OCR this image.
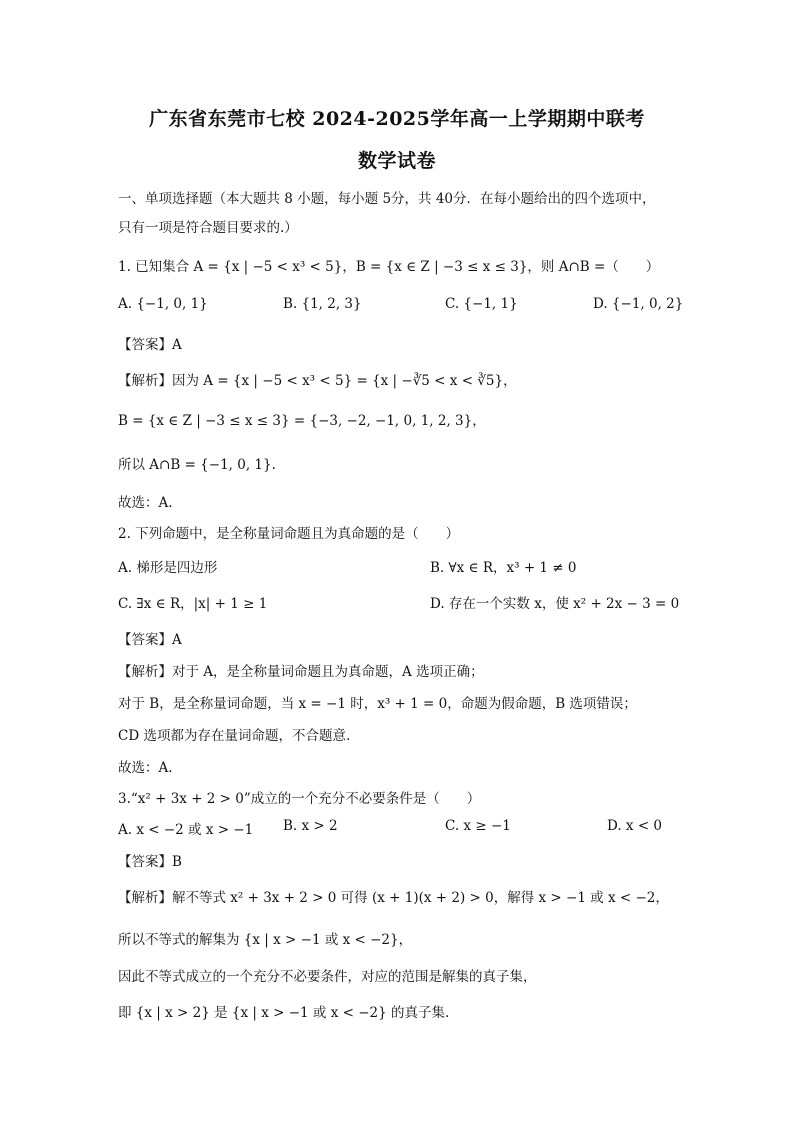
广东省东莞市七校 2024-2025学年高一上学期期中联考
数学试卷
一、单项选择题（本大题共 8 小题，每小题 5分，共 40分．在每小题给出的四个选项中，
只有一项是符合题目要求的.）
1. 已知集合 A = {x | −5 < x³ < 5}，B = {x ∈ Z | −3 ≤ x ≤ 3}，则 A∩B =（　　）
A. {−1, 0, 1}	B. {1, 2, 3}	C. {−1, 1}	D. {−1, 0, 2}
【答案】A
【解析】因为 A = {x | −5 < x³ < 5} = {x | −∛5 < x < ∛5}，
B = {x ∈ Z | −3 ≤ x ≤ 3} = {−3, −2, −1, 0, 1, 2, 3}，
所以 A∩B = {−1, 0, 1}.
故选：A.
2. 下列命题中，是全称量词命题且为真命题的是（　　）
A. 梯形是四边形	B. ∀x ∈ R，x³ + 1 ≠ 0
C. ∃x ∈ R，|x| + 1 ≥ 1	D. 存在一个实数 x，使 x² + 2x − 3 = 0
【答案】A
【解析】对于 A，是全称量词命题且为真命题，A 选项正确；
对于 B，是全称量词命题，当 x = −1 时，x³ + 1 = 0，命题为假命题，B 选项错误；
CD 选项都为存在量词命题，不合题意.
故选：A.
3.“x² + 3x + 2 > 0”成立的一个充分不必要条件是（　　）
A. x < −2 或 x > −1 B. x > 2	C. x ≥ −1	D. x < 0
【答案】B
【解析】解不等式 x² + 3x + 2 > 0 可得 (x + 1)(x + 2) > 0，解得 x > −1 或 x < −2，
所以不等式的解集为 {x | x > −1 或 x < −2}，
因此不等式成立的一个充分不必要条件，对应的范围是解集的真子集，
即 {x | x > 2} 是 {x | x > −1 或 x < −2} 的真子集.
